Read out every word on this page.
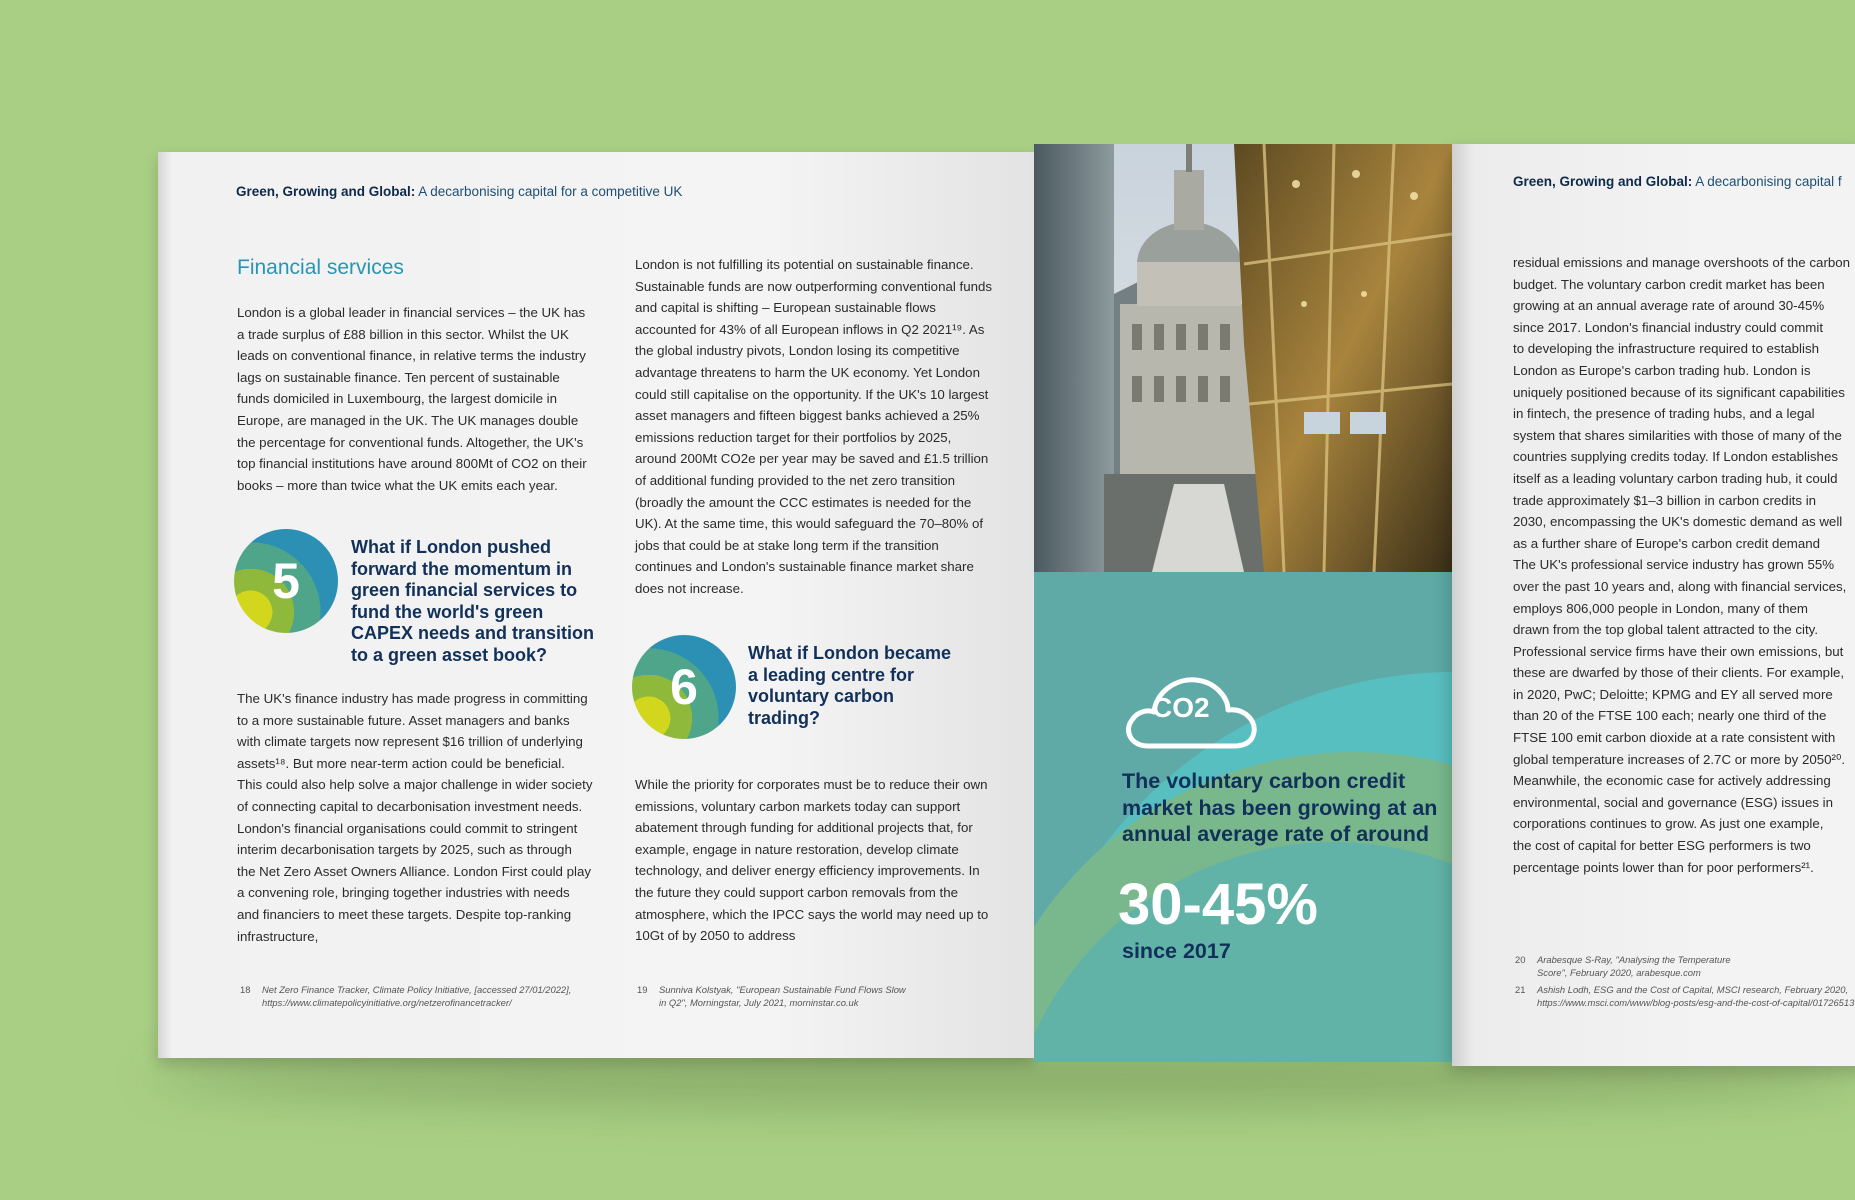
Green, Growing and Global: A decarbonising capital for a competitive UK
Financial services

London is a global leader in financial services – the UK has a trade surplus of £88 billion in this sector. Whilst the UK leads on conventional finance, in relative terms the industry lags on sustainable finance. Ten percent of sustainable funds domiciled in Luxembourg, the largest domicile in Europe, are managed in the UK. The UK manages double the percentage for conventional funds. Altogether, the UK's top financial institutions have around 800Mt of CO2 on their books – more than twice what the UK emits each year.

5
What if London pushed forward the momentum in green financial services to fund the world's green CAPEX needs and transition to a green asset book?

The UK's finance industry has made progress in committing to a more sustainable future. Asset managers and banks with climate targets now represent $16 trillion of underlying assets¹⁸. But more near-term action could be beneficial. This could also help solve a major challenge in wider society of connecting capital to decarbonisation investment needs. London's financial organisations could commit to stringent interim decarbonisation targets by 2025, such as through the Net Zero Asset Owners Alliance. London First could play a convening role, bringing together industries with needs and financiers to meet these targets. Despite top-ranking infrastructure,

London is not fulfilling its potential on sustainable finance. Sustainable funds are now outperforming conventional funds and capital is shifting – European sustainable flows accounted for 43% of all European inflows in Q2 2021¹⁹. As the global industry pivots, London losing its competitive advantage threatens to harm the UK economy. Yet London could still capitalise on the opportunity. If the UK's 10 largest asset managers and fifteen biggest banks achieved a 25% emissions reduction target for their portfolios by 2025, around 200Mt CO2e per year may be saved and £1.5 trillion of additional funding provided to the net zero transition (broadly the amount the CCC estimates is needed for the UK). At the same time, this would safeguard the 70–80% of jobs that could be at stake long term if the transition continues and London's sustainable finance market share does not increase.

6
What if London became a leading centre for voluntary carbon trading?

While the priority for corporates must be to reduce their own emissions, voluntary carbon markets today can support abatement through funding for additional projects that, for example, engage in nature restoration, develop climate technology, and deliver energy efficiency improvements. In the future they could support carbon removals from the atmosphere, which the IPCC says the world may need up to 10Gt of by 2050 to address

18 Net Zero Finance Tracker, Climate Policy Initiative, [accessed 27/01/2022],
https://www.climatepolicyinitiative.org/netzerofinancetracker/
19 Sunniva Kolstyak, "European Sustainable Fund Flows Slow
in Q2", Morningstar, July 2021, morninstar.co.uk
CO2
The voluntary carbon credit market has been growing at an annual average rate of around
30-45%
since 2017
Green, Growing and Global: A decarbonising capital f
residual emissions and manage overshoots of the carbon
budget. The voluntary carbon credit market has been
growing at an annual average rate of around 30-45%
since 2017. London's financial industry could commit
to developing the infrastructure required to establish
London as Europe's carbon trading hub. London is
uniquely positioned because of its significant capabilities
in fintech, the presence of trading hubs, and a legal
system that shares similarities with those of many of the
countries supplying credits today. If London establishes
itself as a leading voluntary carbon trading hub, it could
trade approximately $1–3 billion in carbon credits in
2030, encompassing the UK's domestic demand as well
as a further share of Europe's carbon credit demand
The UK's professional service industry has grown 55%
over the past 10 years and, along with financial services,
employs 806,000 people in London, many of them
drawn from the top global talent attracted to the city.
Professional service firms have their own emissions, but
these are dwarfed by those of their clients. For example,
in 2020, PwC; Deloitte; KPMG and EY all served more
than 20 of the FTSE 100 each; nearly one third of the
FTSE 100 emit carbon dioxide at a rate consistent with
global temperature increases of 2.7C or more by 2050²⁰.
Meanwhile, the economic case for actively addressing
environmental, social and governance (ESG) issues in
corporations continues to grow. As just one example,
the cost of capital for better ESG performers is two
percentage points lower than for poor performers²¹.
20 Arabesque S-Ray, "Analysing the Temperature
Score", February 2020, arabesque.com
21 Ashish Lodh, ESG and the Cost of Capital, MSCI research, February 2020,
https://www.msci.com/www/blog-posts/esg-and-the-cost-of-capital/01726513
